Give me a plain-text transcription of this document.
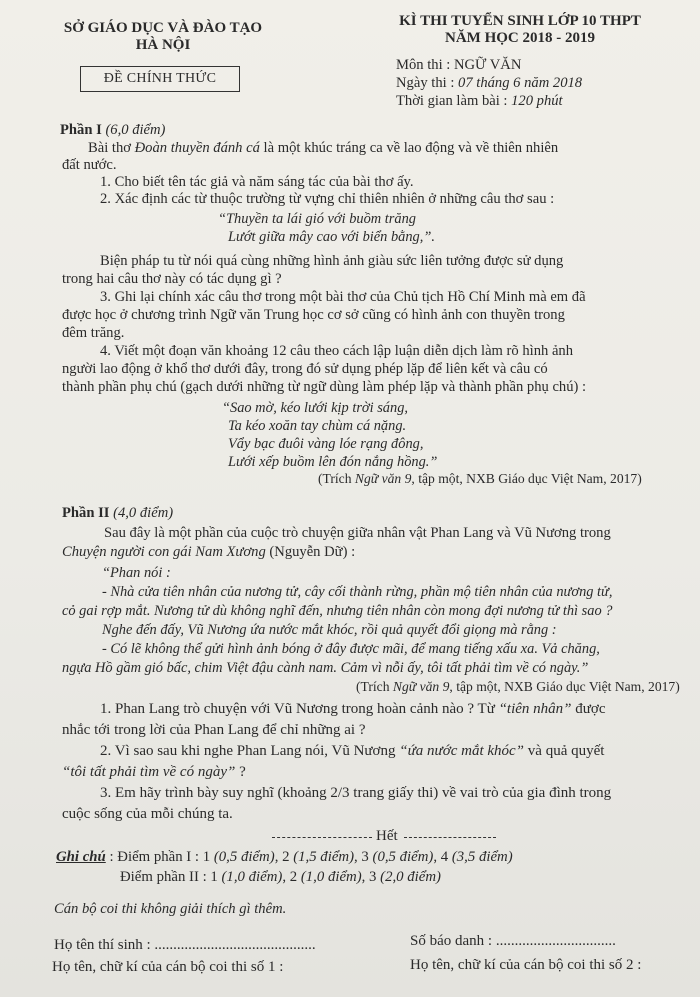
SỞ GIÁO DỤC VÀ ĐÀO TẠO
HÀ NỘI
KÌ THI TUYỂN SINH LỚP 10 THPT
NĂM HỌC 2018 - 2019
ĐỀ CHÍNH THỨC
Môn thi : NGỮ VĂN
Ngày thi : 07 tháng 6 năm 2018
Thời gian làm bài : 120 phút
Phần I (6,0 điểm)
Bài thơ Đoàn thuyền đánh cá là một khúc tráng ca về lao động và về thiên nhiên
đất nước.
1. Cho biết tên tác giả và năm sáng tác của bài thơ ấy.
2. Xác định các từ thuộc trường từ vựng chỉ thiên nhiên ở những câu thơ sau :
“Thuyền ta lái gió với buồm trăng
Lướt giữa mây cao với biển bằng,”.
Biện pháp tu từ nói quá cùng những hình ảnh giàu sức liên tưởng được sử dụng
trong hai câu thơ này có tác dụng gì ?
3. Ghi lại chính xác câu thơ trong một bài thơ của Chủ tịch Hồ Chí Minh mà em đã
được học ở chương trình Ngữ văn Trung học cơ sở cũng có hình ảnh con thuyền trong
đêm trăng.
4. Viết một đoạn văn khoảng 12 câu theo cách lập luận diễn dịch làm rõ hình ảnh
người lao động ở khổ thơ dưới đây, trong đó sử dụng phép lặp để liên kết và câu có
thành phần phụ chú (gạch dưới những từ ngữ dùng làm phép lặp và thành phần phụ chú) :
“Sao mờ, kéo lưới kịp trời sáng,
Ta kéo xoăn tay chùm cá nặng.
Vẩy bạc đuôi vàng lóe rạng đông,
Lưới xếp buồm lên đón nắng hồng.”
(Trích Ngữ văn 9, tập một, NXB Giáo dục Việt Nam, 2017)
Phần II (4,0 điểm)
Sau đây là một phần của cuộc trò chuyện giữa nhân vật Phan Lang và Vũ Nương trong
Chuyện người con gái Nam Xương (Nguyễn Dữ) :
“Phan nói :
- Nhà cửa tiên nhân của nương tử, cây cối thành rừng, phần mộ tiên nhân của nương tử,
cỏ gai rợp mắt. Nương tử dù không nghĩ đến, nhưng tiên nhân còn mong đợi nương tử thì sao ?
Nghe đến đấy, Vũ Nương ứa nước mắt khóc, rồi quả quyết đổi giọng mà rằng :
- Có lẽ không thể gửi hình ảnh bóng ở đây được mãi, để mang tiếng xấu xa. Vả chăng,
ngựa Hồ gầm gió bấc, chim Việt đậu cành nam. Cảm vì nỗi ấy, tôi tất phải tìm về có ngày.”
(Trích Ngữ văn 9, tập một, NXB Giáo dục Việt Nam, 2017)
1. Phan Lang trò chuyện với Vũ Nương trong hoàn cảnh nào ? Từ “tiên nhân” được
nhắc tới trong lời của Phan Lang để chỉ những ai ?
2. Vì sao sau khi nghe Phan Lang nói, Vũ Nương “ứa nước mắt khóc” và quả quyết
“tôi tất phải tìm về có ngày” ?
3. Em hãy trình bày suy nghĩ (khoảng 2/3 trang giấy thi) về vai trò của gia đình trong
cuộc sống của mỗi chúng ta.
Hết
Ghi chú : Điểm phần I : 1 (0,5 điểm), 2 (1,5 điểm), 3 (0,5 điểm), 4 (3,5 điểm)
Điểm phần II : 1 (1,0 điểm), 2 (1,0 điểm), 3 (2,0 điểm)
Cán bộ coi thi không giải thích gì thêm.
Họ tên thí sinh : ...........................................	Số báo danh : ................................
Họ tên, chữ kí của cán bộ coi thi số 1 :	Họ tên, chữ kí của cán bộ coi thi số 2 :
